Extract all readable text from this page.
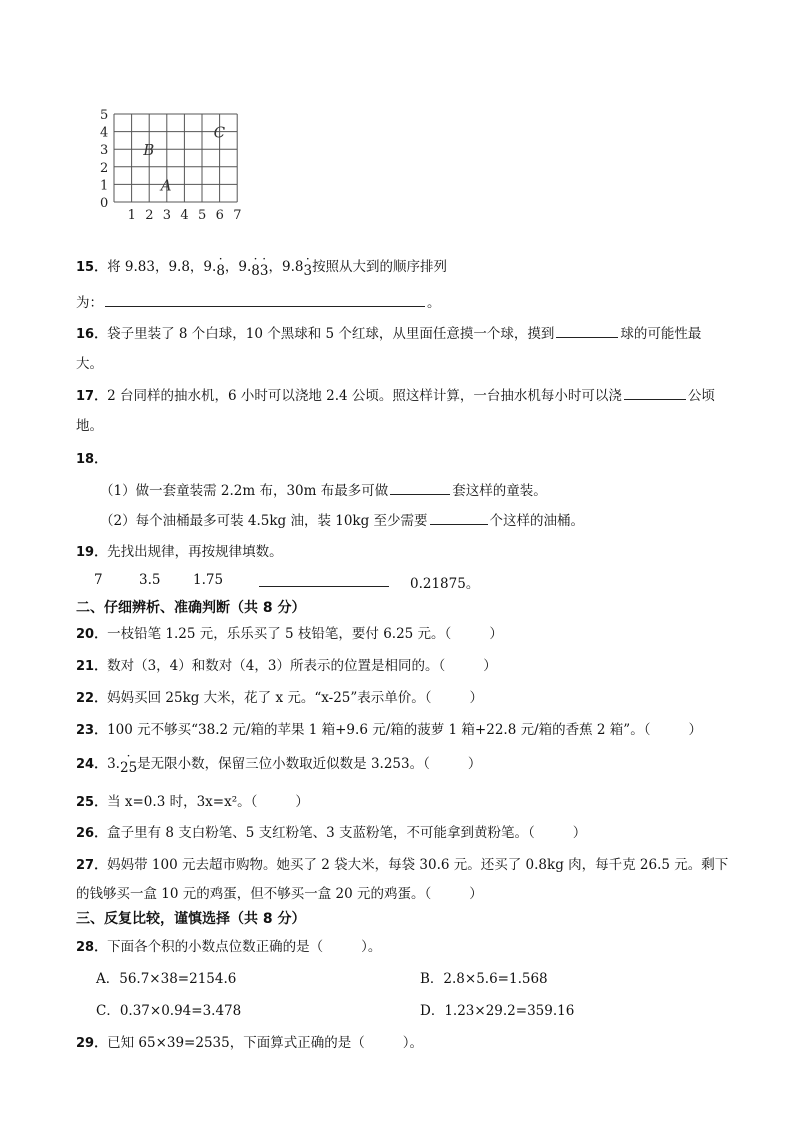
5
4
3
2
1
0
1 2 3 4 5 6 7
B
C
A
15．将 9.83，9.8，9.· 8，9.· 8· 3，9.8· 3按照从大到的顺序排列
为：	。
16．袋子里装了 8 个白球，10 个黑球和 5 个红球，从里面任意摸一个球，摸到	球的可能性最
大。
17．2 台同样的抽水机，6 小时可以浇地 2.4 公顷。照这样计算，一台抽水机每小时可以浇	公顷
地。
18．
（1）做一套童装需 2.2m 布，30m 布最多可做	套这样的童装。
（2）每个油桶最多可装 4.5kg 油，装 10kg 至少需要	个这样的油桶。
19．先找出规律，再按规律填数。
7	3.5 1.75	0.21875。
二、仔细辨析、准确判断（共 8 分）
20．一枝铅笔 1.25 元，乐乐买了 5 枝铅笔，要付 6.25 元。（	）
21．数对（3，4）和数对（4，3）所表示的位置是相同的。（	）
22．妈妈买回 25kg 大米，花了 x 元。“x-25”表示单价。（	）
23．100 元不够买“38.2 元/箱的苹果 1 箱+9.6 元/箱的菠萝 1 箱+22.8 元/箱的香蕉 2 箱”。（	）
24．3.· 25是无限小数，保留三位小数取近似数是 3.253。（	）
25．当 x=0.3 时，3x=x²。（	）
26．盒子里有 8 支白粉笔、5 支红粉笔、3 支蓝粉笔，不可能拿到黄粉笔。（	）
27．妈妈带 100 元去超市购物。她买了 2 袋大米，每袋 30.6 元。还买了 0.8kg 肉，每千克 26.5 元。剩下
的钱够买一盒 10 元的鸡蛋，但不够买一盒 20 元的鸡蛋。（	）
三、反复比较，谨慎选择（共 8 分）
28．下面各个积的小数点位数正确的是（	）。
A．56.7×38=2154.6	B．2.8×5.6=1.568
C．0.37×0.94=3.478	D．1.23×29.2=359.16
29．已知 65×39=2535，下面算式正确的是（	）。
